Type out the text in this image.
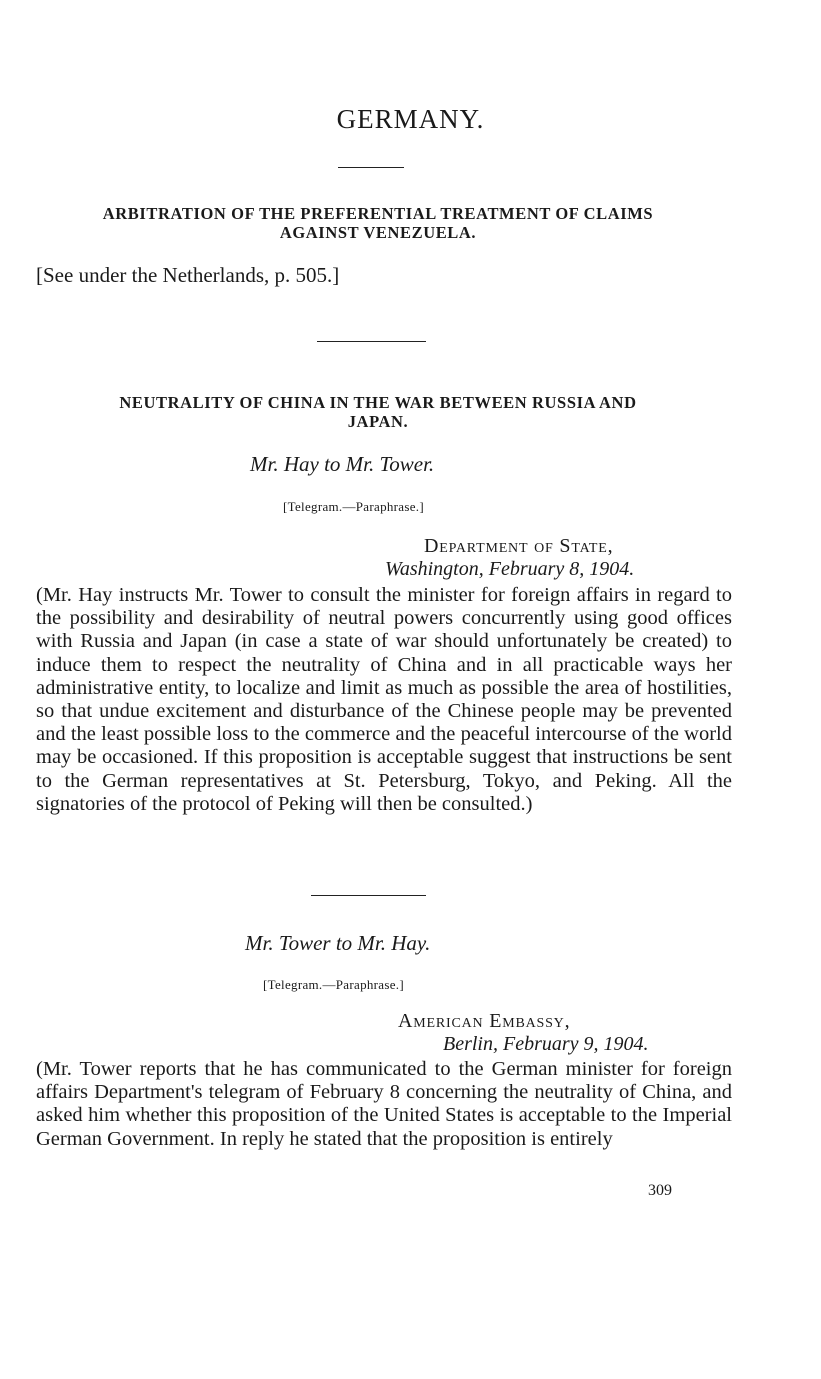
GERMANY.
ARBITRATION OF THE PREFERENTIAL TREATMENT OF CLAIMS
AGAINST VENEZUELA.
[See under the Netherlands, p. 505.]
NEUTRALITY OF CHINA IN THE WAR BETWEEN RUSSIA AND
JAPAN.
Mr. Hay to Mr. Tower.
[Telegram.—Paraphrase.]
Department of State,
Washington, February 8, 1904.
(Mr. Hay instructs Mr. Tower to consult the minister for foreign affairs in regard to the possibility and desirability of neutral powers concurrently using good offices with Russia and Japan (in case a state of war should unfortunately be created) to induce them to respect the neutrality of China and in all practicable ways her administrative entity, to localize and limit as much as possible the area of hostilities, so that undue excitement and disturbance of the Chinese people may be prevented and the least possible loss to the commerce and the peaceful intercourse of the world may be occasioned. If this proposition is acceptable suggest that instructions be sent to the German representatives at St. Petersburg, Tokyo, and Peking. All the signatories of the protocol of Peking will then be consulted.)
Mr. Tower to Mr. Hay.
[Telegram.—Paraphrase.]
American Embassy,
Berlin, February 9, 1904.
(Mr. Tower reports that he has communicated to the German minister for foreign affairs Department's telegram of February 8 concerning the neutrality of China, and asked him whether this proposition of the United States is acceptable to the Imperial German Government. In reply he stated that the proposition is entirely
309
